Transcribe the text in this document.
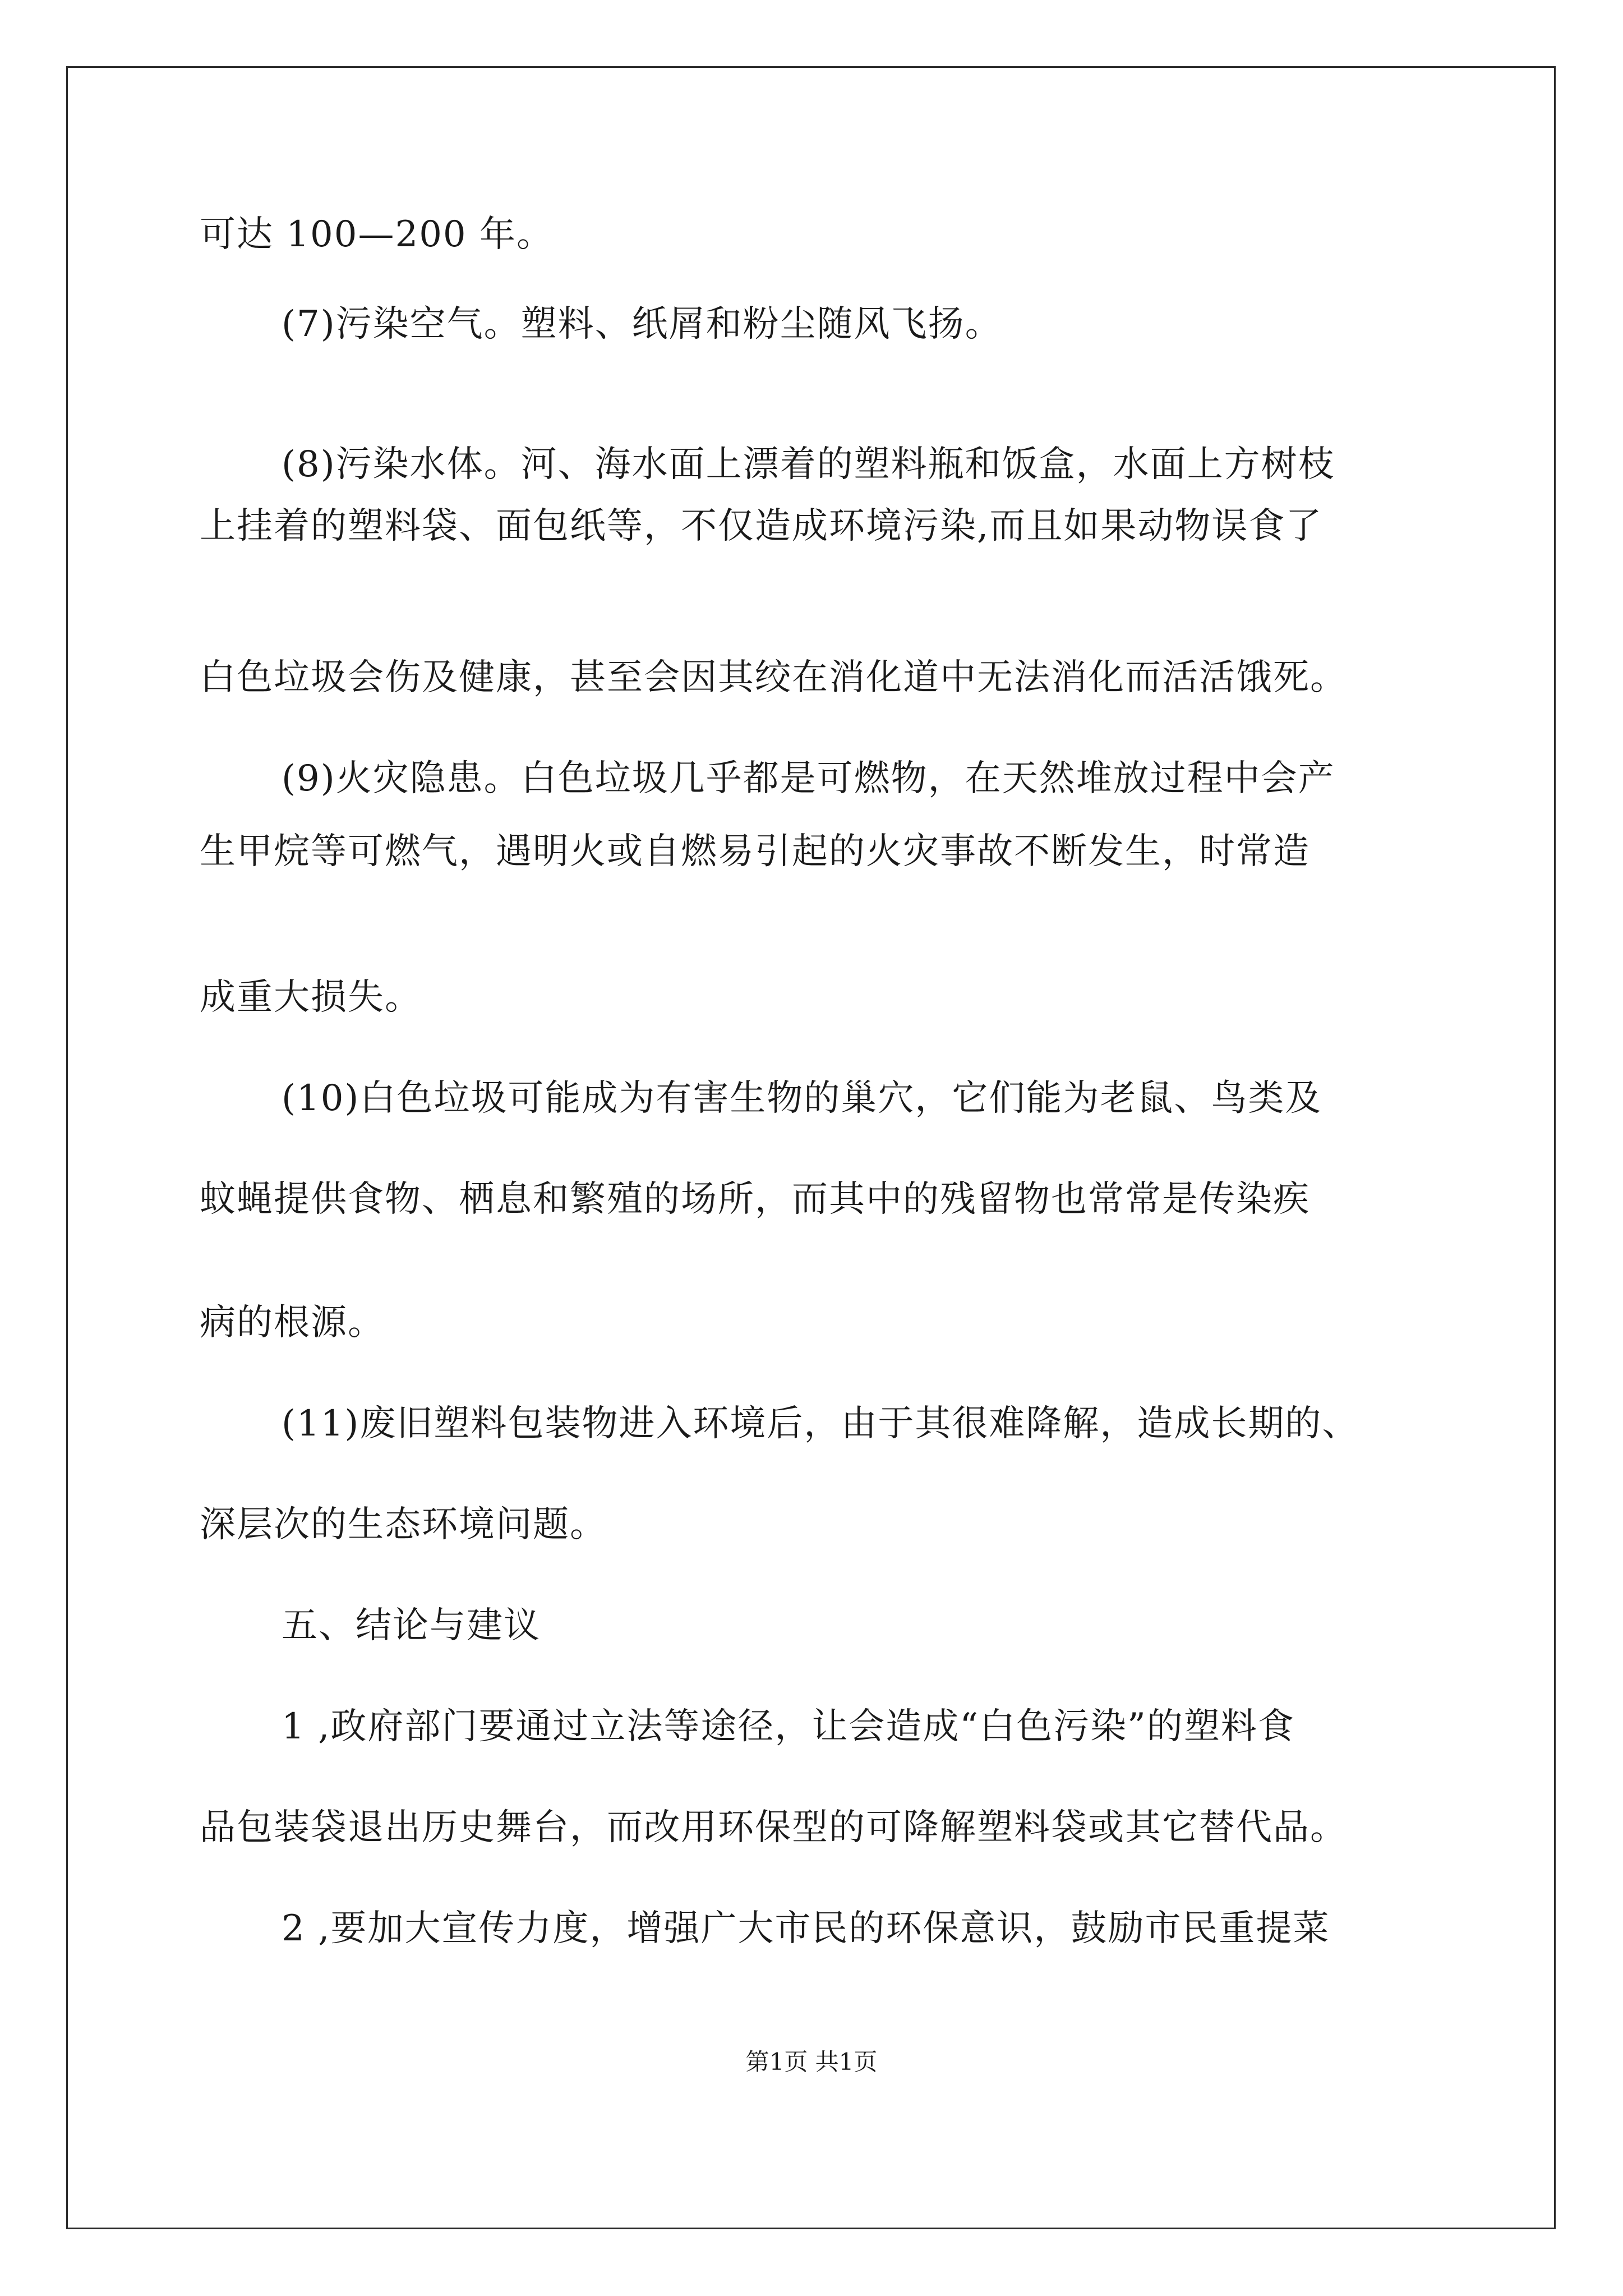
可达 100—200 年。
(7)污染空气。塑料、纸屑和粉尘随风飞扬。
(8)污染水体。河、海水面上漂着的塑料瓶和饭盒，水面上方树枝
上挂着的塑料袋、面包纸等，不仅造成环境污染,而且如果动物误食了
白色垃圾会伤及健康，甚至会因其绞在消化道中无法消化而活活饿死。
(9)火灾隐患。白色垃圾几乎都是可燃物，在天然堆放过程中会产
生甲烷等可燃气，遇明火或自燃易引起的火灾事故不断发生，时常造
成重大损失。
(10)白色垃圾可能成为有害生物的巢穴，它们能为老鼠、鸟类及
蚊蝇提供食物、栖息和繁殖的场所，而其中的残留物也常常是传染疾
病的根源。
(11)废旧塑料包装物进入环境后，由于其很难降解，造成长期的、
深层次的生态环境问题。
五、结论与建议
1 ,政府部门要通过立法等途径，让会造成“白色污染”的塑料食
品包装袋退出历史舞台，而改用环保型的可降解塑料袋或其它替代品。
2 ,要加大宣传力度，增强广大市民的环保意识，鼓励市民重提菜
第1页 共1页
